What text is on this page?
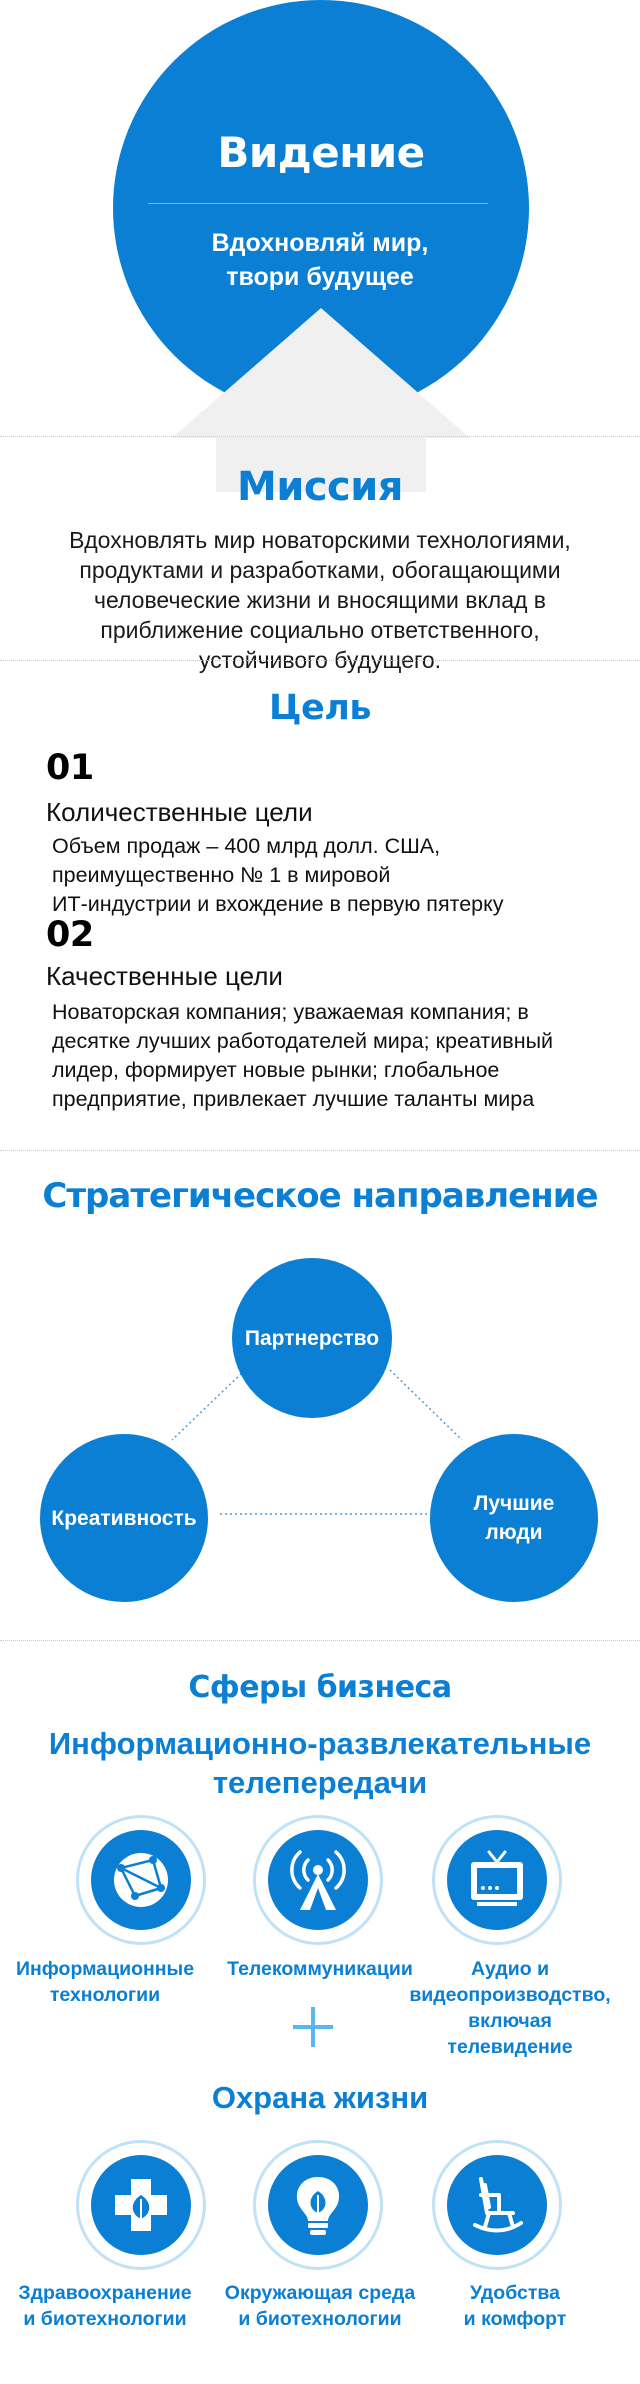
Видение
Вдохновляй мир,
твори будущее
Миссия
Вдохновлять мир новаторскими технологиями,
продуктами и разработками, обогащающими
человеческие жизни и вносящими вклад в
приближение социально ответственного,
устойчивого будущего.
Цель
01
Количественные цели
Объем продаж – 400 млрд долл. США,
преимущественно № 1 в мировой
ИТ-индустрии и вхождение в первую пятерку
02
Качественные цели
Новаторская компания; уважаемая компания; в
десятке лучших работодателей мира; креативный
лидер, формирует новые рынки; глобальное
предприятие, привлекает лучшие таланты мира
Стратегическое направление
Партнерство
Креативность
Лучшие
люди
Сферы бизнеса
Информационно-развлекательные
телепередачи
Информационные
технологии
Телекоммуникации	Аудио и
видеопроизводство,
включая
телевидение
Охрана жизни
Здравоохранение
и биотехнологии
Окружающая среда
и биотехнологии
Удобства
и комфорт
